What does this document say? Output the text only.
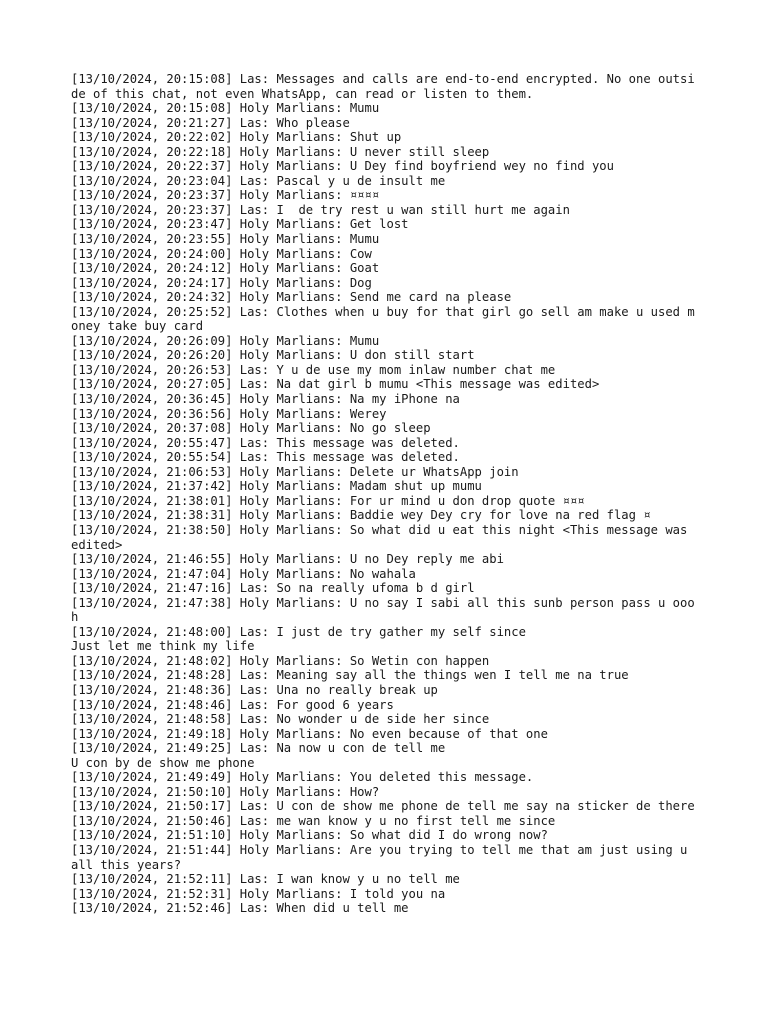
[13/10/2024, 20:15:08] Las: Messages and calls are end-to-end encrypted. No one outside of this chat, not even WhatsApp, can read or listen to them.

[13/10/2024, 20:15:08] Holy Marlians: Mumu

[13/10/2024, 20:21:27] Las: Who please

[13/10/2024, 20:22:02] Holy Marlians: Shut up

[13/10/2024, 20:22:18] Holy Marlians: U never still sleep

[13/10/2024, 20:22:37] Holy Marlians: U Dey find boyfriend wey no find you

[13/10/2024, 20:23:04] Las: Pascal y u de insult me

[13/10/2024, 20:23:37] Holy Marlians: ¤¤¤¤

[13/10/2024, 20:23:37] Las: I  de try rest u wan still hurt me again

[13/10/2024, 20:23:47] Holy Marlians: Get lost

[13/10/2024, 20:23:55] Holy Marlians: Mumu

[13/10/2024, 20:24:00] Holy Marlians: Cow

[13/10/2024, 20:24:12] Holy Marlians: Goat

[13/10/2024, 20:24:17] Holy Marlians: Dog

[13/10/2024, 20:24:32] Holy Marlians: Send me card na please

[13/10/2024, 20:25:52] Las: Clothes when u buy for that girl go sell am make u used money take buy card

[13/10/2024, 20:26:09] Holy Marlians: Mumu

[13/10/2024, 20:26:20] Holy Marlians: U don still start

[13/10/2024, 20:26:53] Las: Y u de use my mom inlaw number chat me

[13/10/2024, 20:27:05] Las: Na dat girl b mumu <This message was edited>

[13/10/2024, 20:36:45] Holy Marlians: Na my iPhone na

[13/10/2024, 20:36:56] Holy Marlians: Werey

[13/10/2024, 20:37:08] Holy Marlians: No go sleep

[13/10/2024, 20:55:47] Las: This message was deleted.

[13/10/2024, 20:55:54] Las: This message was deleted.

[13/10/2024, 21:06:53] Holy Marlians: Delete ur WhatsApp join

[13/10/2024, 21:37:42] Holy Marlians: Madam shut up mumu

[13/10/2024, 21:38:01] Holy Marlians: For ur mind u don drop quote ¤¤¤

[13/10/2024, 21:38:31] Holy Marlians: Baddie wey Dey cry for love na red flag ¤

[13/10/2024, 21:38:50] Holy Marlians: So what did u eat this night <This message was edited>

[13/10/2024, 21:46:55] Holy Marlians: U no Dey reply me abi

[13/10/2024, 21:47:04] Holy Marlians: No wahala

[13/10/2024, 21:47:16] Las: So na really ufoma b d girl

[13/10/2024, 21:47:38] Holy Marlians: U no say I sabi all this sunb person pass u oooh

[13/10/2024, 21:48:00] Las: I just de try gather my self since

Just let me think my life

[13/10/2024, 21:48:02] Holy Marlians: So Wetin con happen

[13/10/2024, 21:48:28] Las: Meaning say all the things wen I tell me na true

[13/10/2024, 21:48:36] Las: Una no really break up

[13/10/2024, 21:48:46] Las: For good 6 years

[13/10/2024, 21:48:58] Las: No wonder u de side her since

[13/10/2024, 21:49:18] Holy Marlians: No even because of that one

[13/10/2024, 21:49:25] Las: Na now u con de tell me

U con by de show me phone

[13/10/2024, 21:49:49] Holy Marlians: You deleted this message.

[13/10/2024, 21:50:10] Holy Marlians: How?

[13/10/2024, 21:50:17] Las: U con de show me phone de tell me say na sticker de there

[13/10/2024, 21:50:46] Las: me wan know y u no first tell me since

[13/10/2024, 21:51:10] Holy Marlians: So what did I do wrong now?

[13/10/2024, 21:51:44] Holy Marlians: Are you trying to tell me that am just using u all this years?

[13/10/2024, 21:52:11] Las: I wan know y u no tell me

[13/10/2024, 21:52:31] Holy Marlians: I told you na

[13/10/2024, 21:52:46] Las: When did u tell me
